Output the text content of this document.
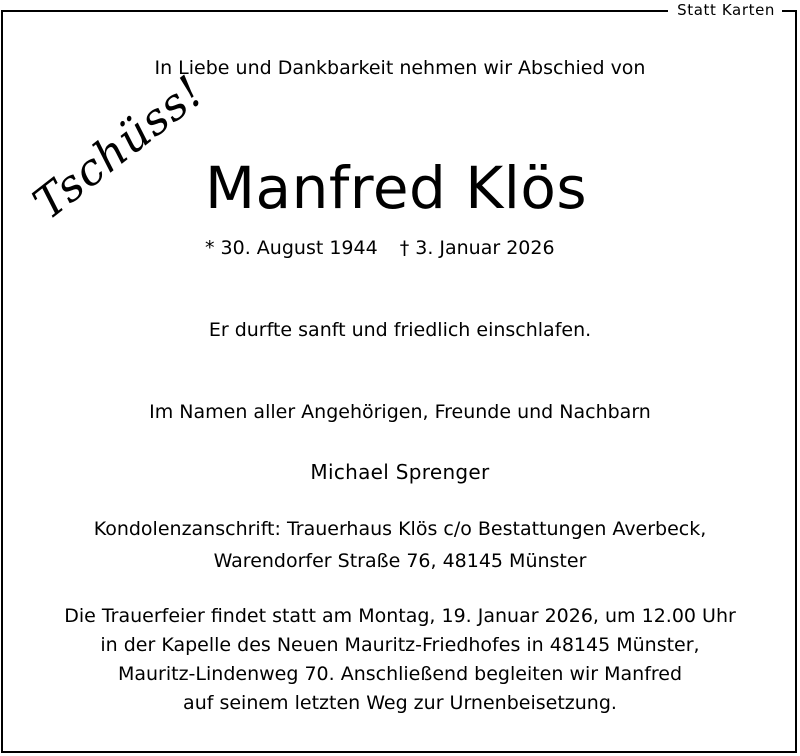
Statt Karten
In Liebe und Dankbarkeit nehmen wir Abschied von
Tschüss!
Manfred Klös
* 30. August 1944 † 3. Januar 2026
Er durfte sanft und friedlich einschlafen.
Im Namen aller Angehörigen, Freunde und Nachbarn
Michael Sprenger
Kondolenzanschrift: Trauerhaus Klös c/o Bestattungen Averbeck,
Warendorfer Straße 76, 48145 Münster
Die Trauerfeier findet statt am Montag, 19. Januar 2026, um 12.00 Uhr
in der Kapelle des Neuen Mauritz-Friedhofes in 48145 Münster,
Mauritz-Lindenweg 70. Anschließend begleiten wir Manfred
auf seinem letzten Weg zur Urnenbeisetzung.
